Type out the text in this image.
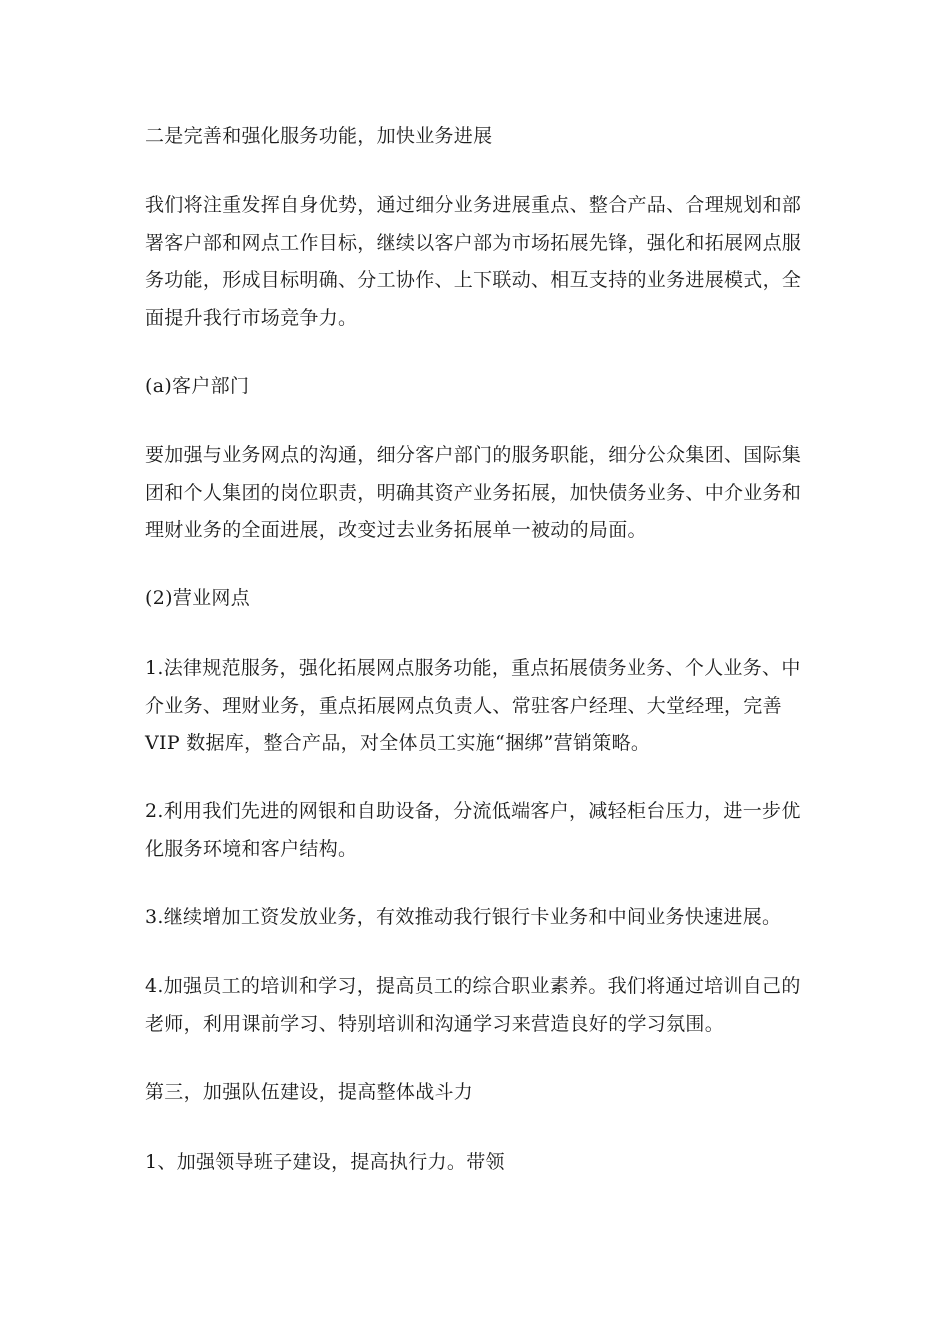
二是完善和强化服务功能，加快业务进展

我们将注重发挥自身优势，通过细分业务进展重点、整合产品、合理规划和部
署客户部和网点工作目标，继续以客户部为市场拓展先锋，强化和拓展网点服
务功能，形成目标明确、分工协作、上下联动、相互支持的业务进展模式，全
面提升我行市场竞争力。

(a)客户部门

要加强与业务网点的沟通，细分客户部门的服务职能，细分公众集团、国际集
团和个人集团的岗位职责，明确其资产业务拓展，加快债务业务、中介业务和
理财业务的全面进展，改变过去业务拓展单一被动的局面。

(2)营业网点

1.法律规范服务，强化拓展网点服务功能，重点拓展债务业务、个人业务、中
介业务、理财业务，重点拓展网点负责人、常驻客户经理、大堂经理，完善
VIP 数据库，整合产品，对全体员工实施“捆绑”营销策略。

2.利用我们先进的网银和自助设备，分流低端客户，减轻柜台压力，进一步优
化服务环境和客户结构。

3.继续增加工资发放业务，有效推动我行银行卡业务和中间业务快速进展。

4.加强员工的培训和学习，提高员工的综合职业素养。我们将通过培训自己的
老师，利用课前学习、特别培训和沟通学习来营造良好的学习氛围。

第三，加强队伍建设，提高整体战斗力

1、加强领导班子建设，提高执行力。带领
